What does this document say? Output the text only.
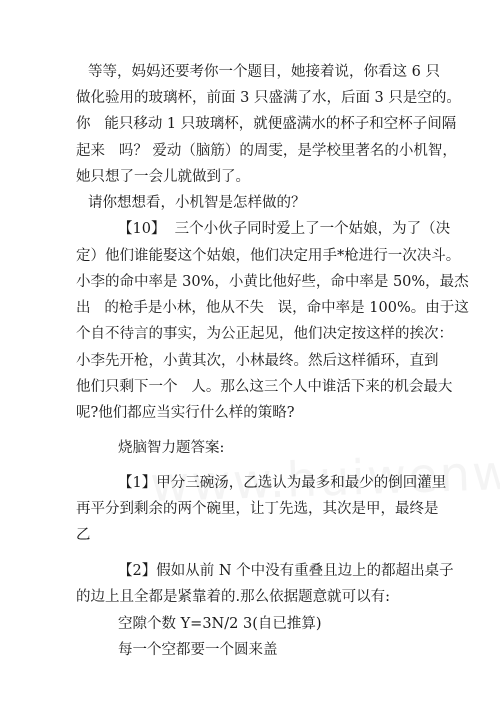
等等，妈妈还要考你一个题目，她接着说，你看这 6 只
做化验用的玻璃杯，前面 3 只盛满了水，后面 3 只是空的。
你   能只移动 1 只玻璃杯，就便盛满水的杯子和空杯子间隔
起来   吗？ 爱动（脑筋）的周雯，是学校里著名的小机智，
她只想了一会儿就做到了。
请你想想看，小机智是怎样做的？
【10】  三个小伙子同时爱上了一个姑娘，为了（决
定）他们谁能娶这个姑娘，他们决定用手*枪进行一次决斗。
小李的命中率是 30%，小黄比他好些，命中率是 50%，最杰
出   的枪手是小林，他从不失   误，命中率是 100%。由于这
个自不待言的事实，为公正起见，他们决定按这样的挨次：
小李先开枪，小黄其次，小林最终。然后这样循环，直到
他们只剩下一个   人。那么这三个人中谁活下来的机会最大
呢?他们都应当实行什么样的策略?
烧脑智力题答案:
【1】甲分三碗汤，乙选认为最多和最少的倒回灌里
再平分到剩余的两个碗里，让丁先选，其次是甲，最终是
乙
【2】假如从前 N 个中没有重叠且边上的都超出桌子
的边上且全都是紧靠着的.那么依据题意就可以有:
空隙个数 Y=3N/2 3(自已推算)
每一个空都要一个圆来盖
